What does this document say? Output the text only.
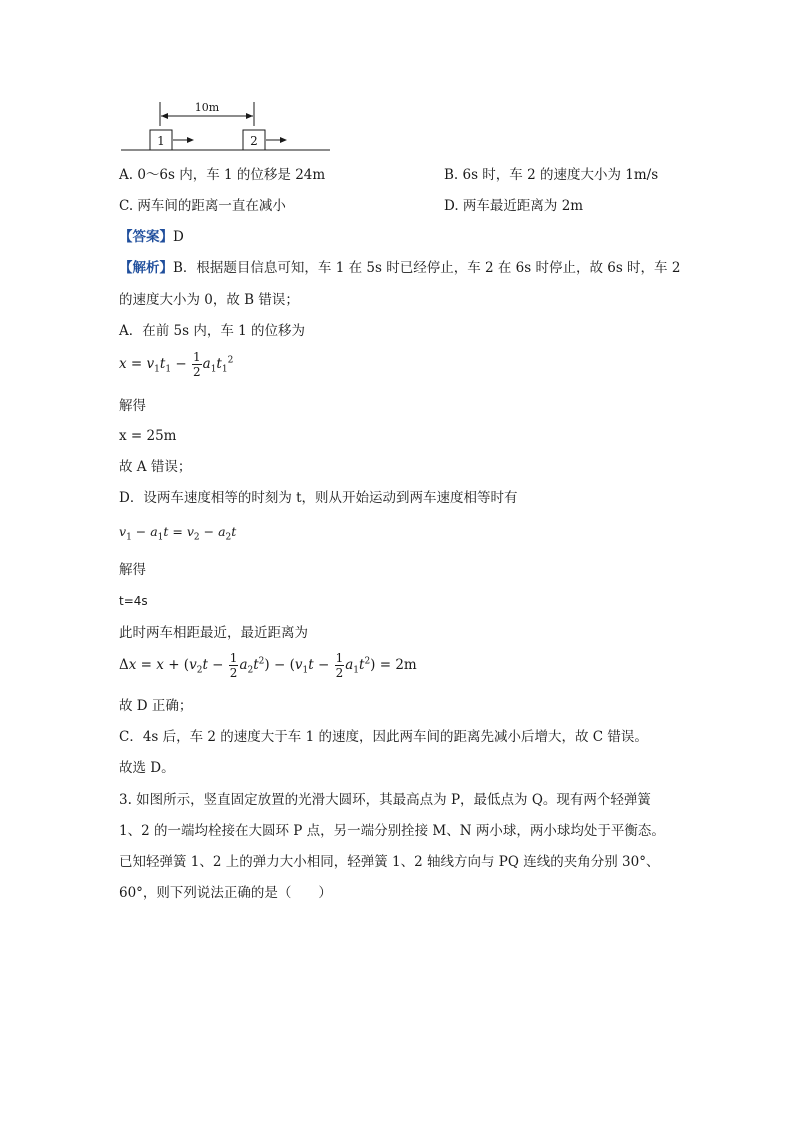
10m
1	2
A. 0～6s 内，车 1 的位移是 24m	B. 6s 时，车 2 的速度大小为 1m/s
C. 两车间的距离一直在减小	D. 两车最近距离为 2m
【答案】D
【解析】B．根据题目信息可知，车 1 在 5s 时已经停止，车 2 在 6s 时停止，故 6s 时，车 2
的速度大小为 0，故 B 错误；
A．在前 5s 内，车 1 的位移为
$x = v_1t_1 - \frac{1}{2} a_1t_1^2$
解得
x = 25m
故 A 错误；
D．设两车速度相等的时刻为 t，则从开始运动到两车速度相等时有
$v_1 - a_1t = v_2 - a_2t$
解得
t=4s
此时两车相距最近，最近距离为
$\Delta x = x + (v_2t - \frac{1}{2} a_2t^2) - (v_1t - \frac{1}{2} a_1t^2) = 2m$
故 D 正确；
C．4s 后，车 2 的速度大于车 1 的速度，因此两车间的距离先减小后增大，故 C 错误。
故选 D。
3. 如图所示，竖直固定放置的光滑大圆环，其最高点为 P，最低点为 Q。现有两个轻弹簧
1、2 的一端均栓接在大圆环 P 点，另一端分别拴接 M、N 两小球，两小球均处于平衡态。
已知轻弹簧 1、2 上的弹力大小相同，轻弹簧 1、2 轴线方向与 PQ 连线的夹角分别 30°、
60°，则下列说法正确的是（　　）
